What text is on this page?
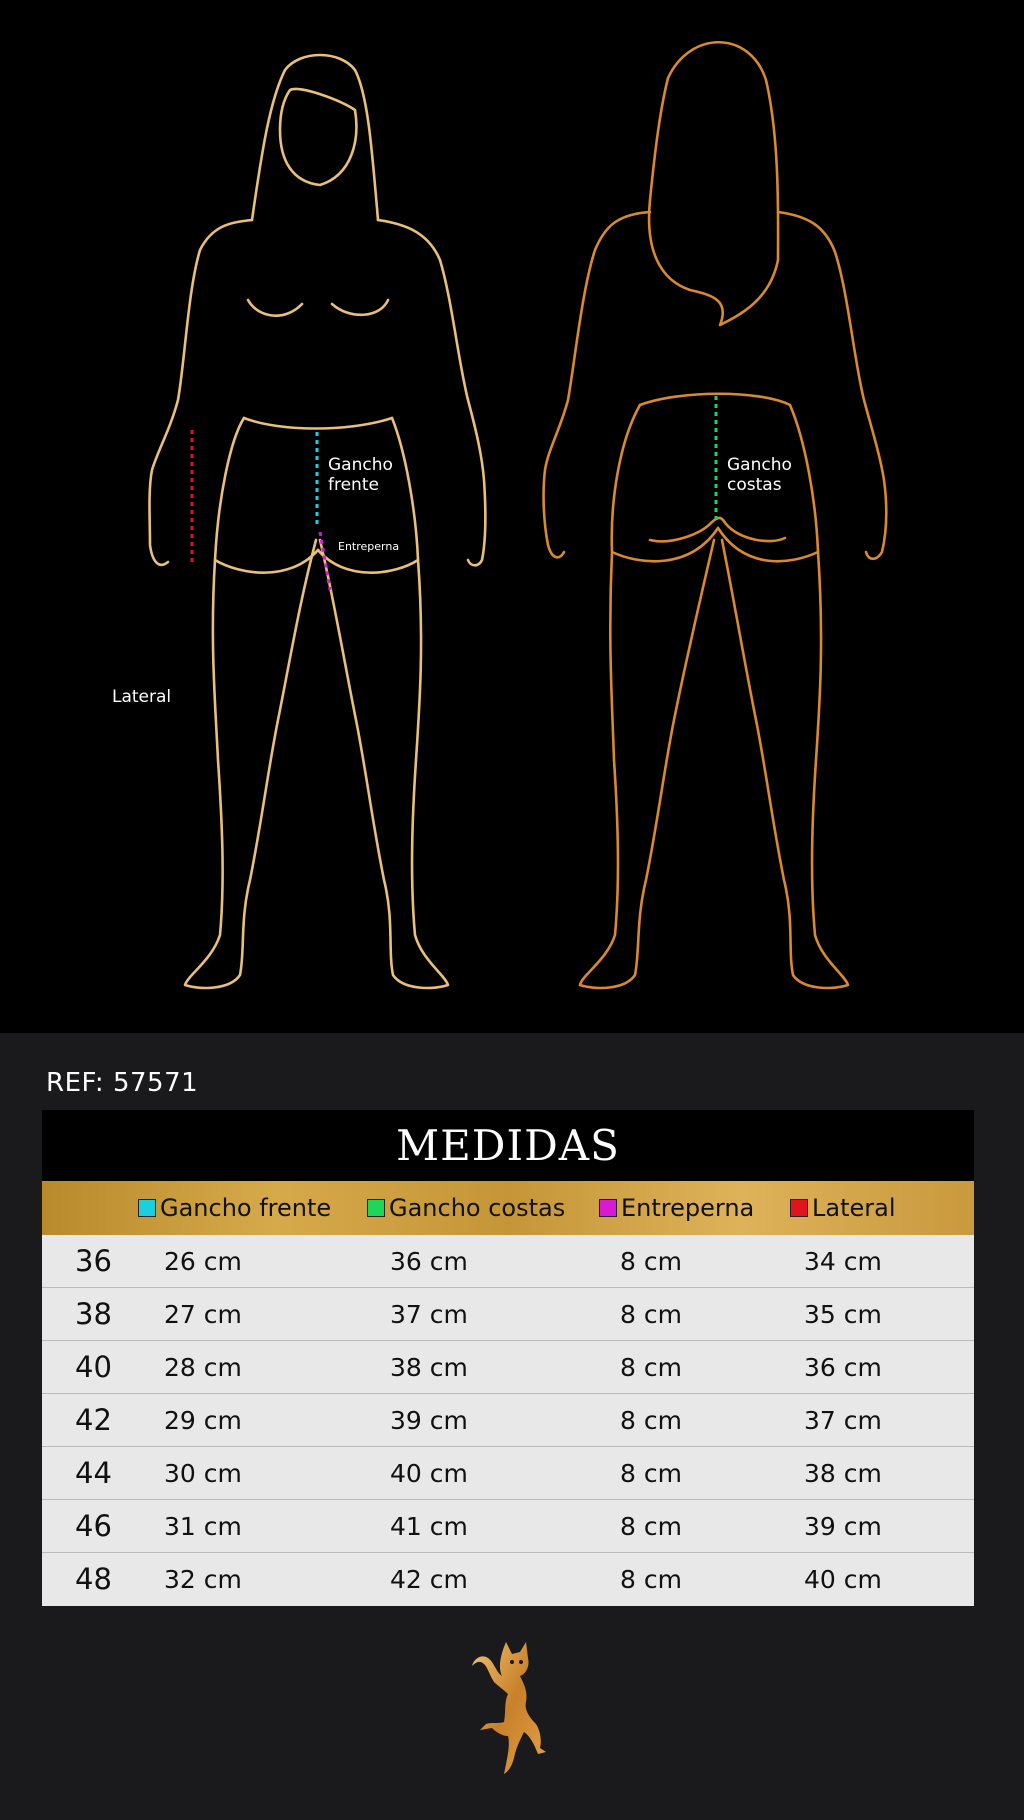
Gancho frente
Gancho costas
Entreperna
Lateral
REF: 57571
MEDIDAS
Gancho frente Gancho costas Entreperna Lateral
36 26 cm	36 cm	8 cm	34 cm
38 27 cm	37 cm	8 cm	35 cm
40 28 cm	38 cm	8 cm	36 cm
42 29 cm	39 cm	8 cm	37 cm
44 30 cm	40 cm	8 cm	38 cm
46 31 cm	41 cm	8 cm	39 cm
48 32 cm	42 cm	8 cm	40 cm
